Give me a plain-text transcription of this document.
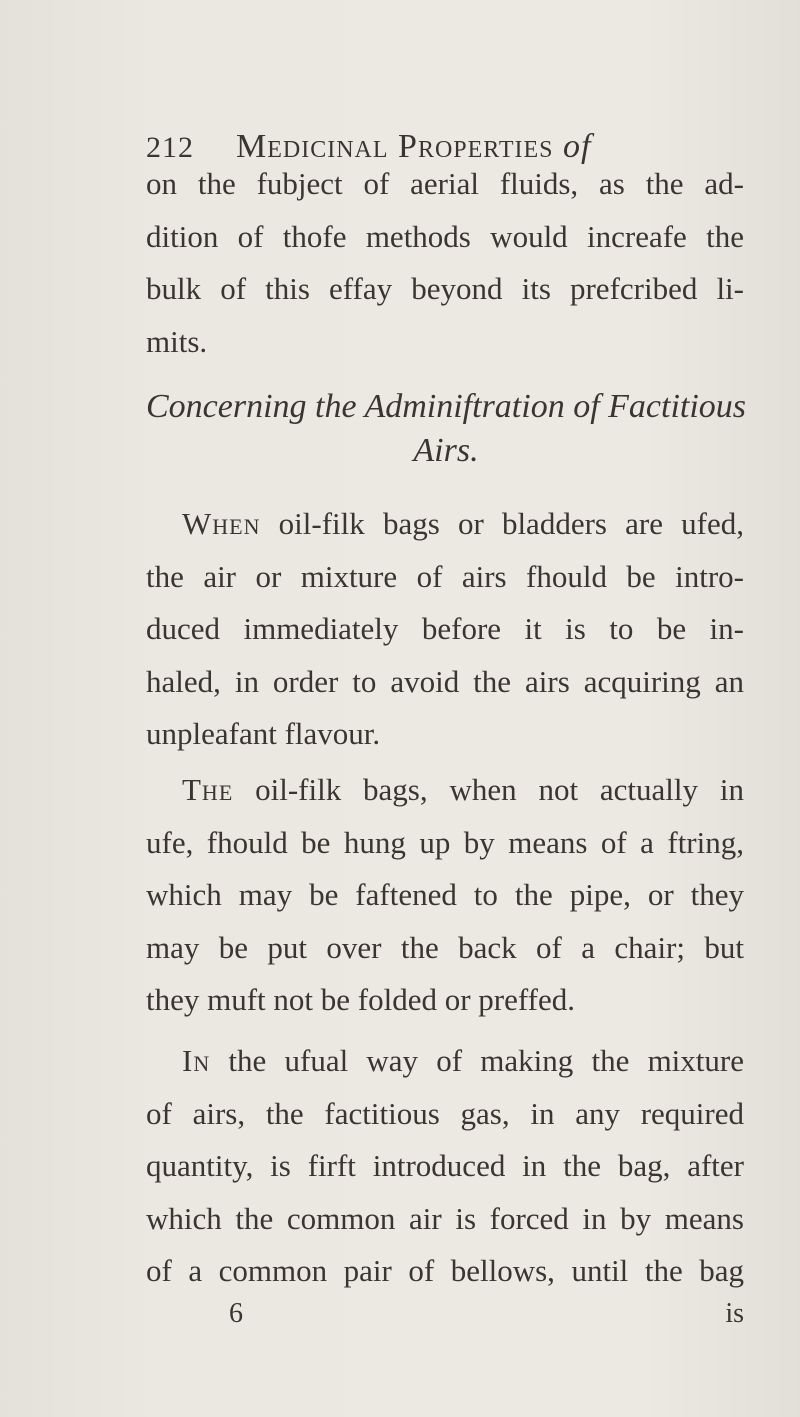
212 Medicinal Properties of
on the fubject of aerial fluids, as the ad-
dition of thofe methods would increafe the
bulk of this effay beyond its prefcribed li-
mits.
Concerning the Adminiftration of Factitious
Airs.
When oil-filk bags or bladders are ufed,
the air or mixture of airs fhould be intro-
duced immediately before it is to be in-
haled, in order to avoid the airs acquiring an
unpleafant flavour.
The oil-filk bags, when not actually in
ufe, fhould be hung up by means of a ftring,
which may be faftened to the pipe, or they
may be put over the back of a chair; but
they muft not be folded or preffed.
In the ufual way of making the mixture
of airs, the factitious gas, in any required
quantity, is firft introduced in the bag, after
which the common air is forced in by means
of a common pair of bellows, until the bag
6	is
